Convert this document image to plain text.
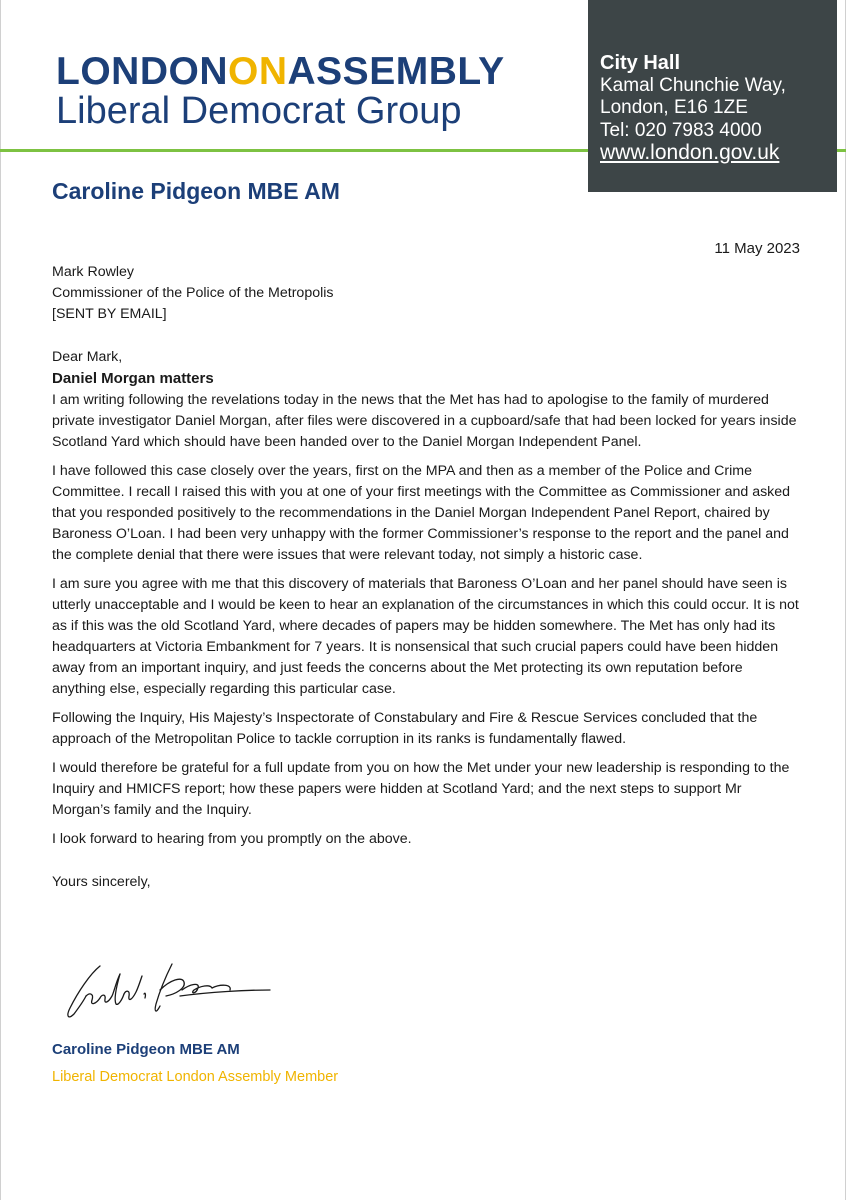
LONDONONASSEMBLY
Liberal Democrat Group
City Hall
Kamal Chunchie Way,
London, E16 1ZE
Tel: 020 7983 4000
www.london.gov.uk
Caroline Pidgeon MBE AM
11 May 2023

Mark Rowley

Commissioner of the Police of the Metropolis

[SENT BY EMAIL]

Dear Mark,

Daniel Morgan matters

I am writing following the revelations today in the news that the Met has had to apologise to the family of murdered private investigator Daniel Morgan, after files were discovered in a cupboard/safe that had been locked for years inside Scotland Yard which should have been handed over to the Daniel Morgan Independent Panel.

I have followed this case closely over the years, first on the MPA and then as a member of the Police and Crime Committee. I recall I raised this with you at one of your first meetings with the Committee as Commissioner and asked that you responded positively to the recommendations in the Daniel Morgan Independent Panel Report, chaired by Baroness O’Loan. I had been very unhappy with the former Commissioner’s response to the report and the panel and the complete denial that there were issues that were relevant today, not simply a historic case.

I am sure you agree with me that this discovery of materials that Baroness O’Loan and her panel should have seen is utterly unacceptable and I would be keen to hear an explanation of the circumstances in which this could occur. It is not as if this was the old Scotland Yard, where decades of papers may be hidden somewhere. The Met has only had its headquarters at Victoria Embankment for 7 years. It is nonsensical that such crucial papers could have been hidden away from an important inquiry, and just feeds the concerns about the Met protecting its own reputation before anything else, especially regarding this particular case.

Following the Inquiry, His Majesty’s Inspectorate of Constabulary and Fire & Rescue Services concluded that the approach of the Metropolitan Police to tackle corruption in its ranks is fundamentally flawed.

I would therefore be grateful for a full update from you on how the Met under your new leadership is responding to the Inquiry and HMICFS report; how these papers were hidden at Scotland Yard; and the next steps to support Mr Morgan’s family and the Inquiry.

I look forward to hearing from you promptly on the above.

Yours sincerely,

Caroline Pidgeon MBE AM
Liberal Democrat London Assembly Member
